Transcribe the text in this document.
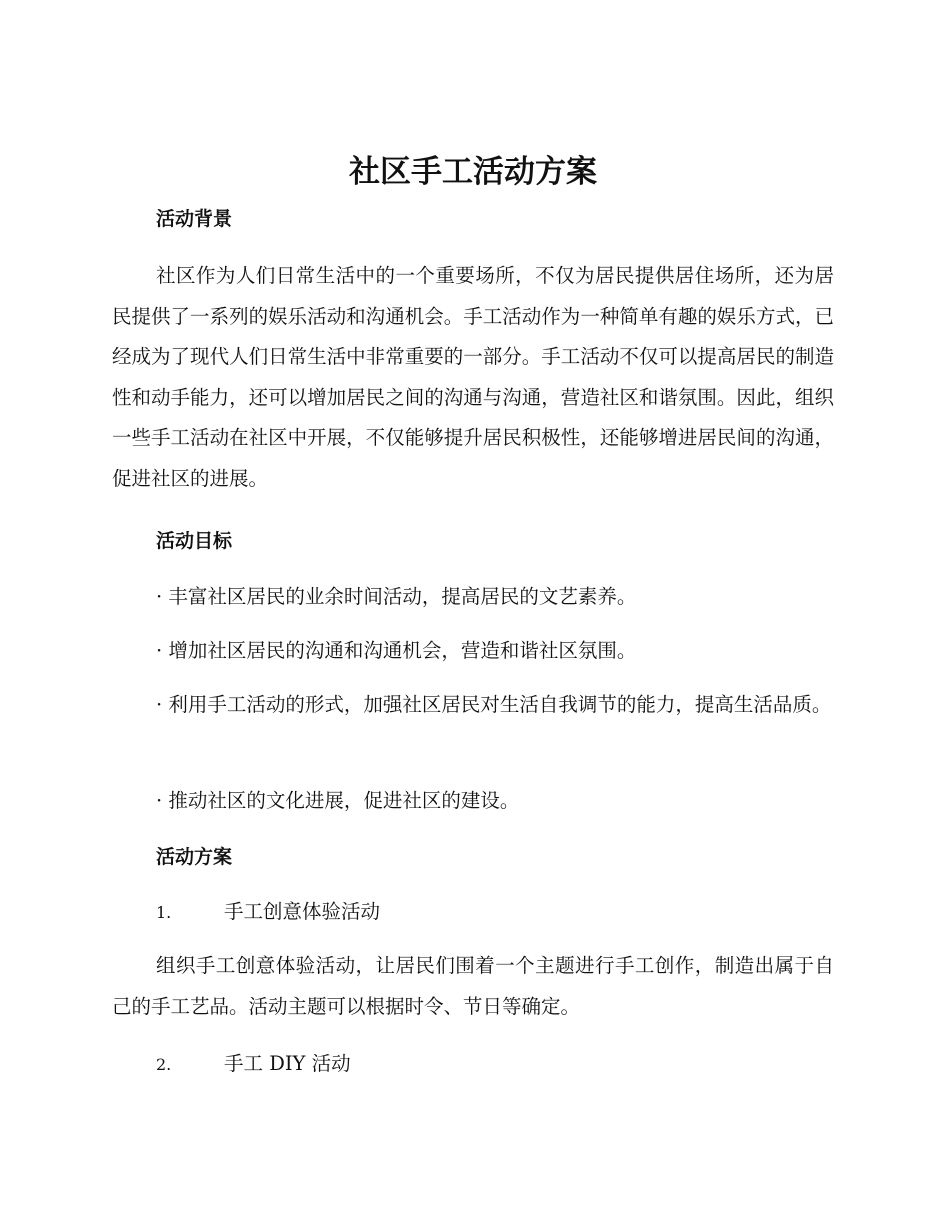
社区手工活动方案
活动背景

社区作为人们日常生活中的一个重要场所，不仅为居民提供居住场所，还为居民提供了一系列的娱乐活动和沟通机会。手工活动作为一种简单有趣的娱乐方式，已经成为了现代人们日常生活中非常重要的一部分。手工活动不仅可以提高居民的制造性和动手能力，还可以增加居民之间的沟通与沟通，营造社区和谐氛围。因此，组织一些手工活动在社区中开展，不仅能够提升居民积极性，还能够增进居民间的沟通，促进社区的进展。

活动目标

· 丰富社区居民的业余时间活动，提高居民的文艺素养。

· 增加社区居民的沟通和沟通机会，营造和谐社区氛围。

· 利用手工活动的形式，加强社区居民对生活自我调节的能力，提高生活品质。

· 推动社区的文化进展，促进社区的建设。

活动方案

1.	手工创意体验活动

组织手工创意体验活动，让居民们围着一个主题进行手工创作，制造出属于自己的手工艺品。活动主题可以根据时令、节日等确定。

2.	手工 DIY 活动
